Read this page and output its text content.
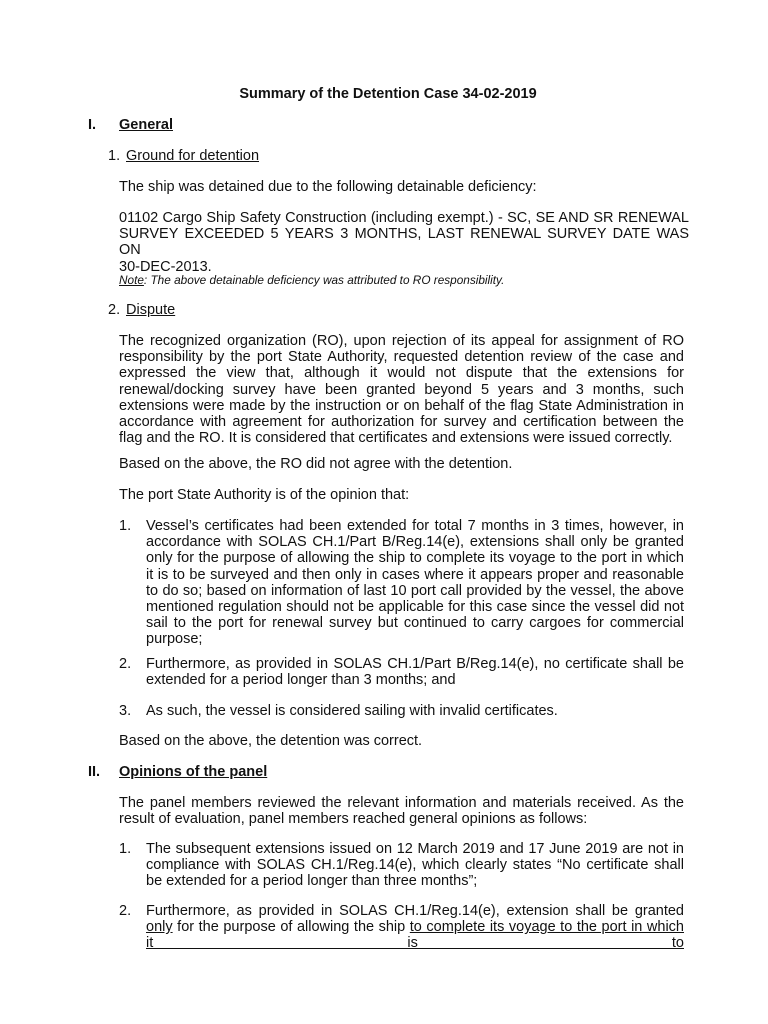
Summary of the Detention Case 34-02-2019
I. General
1. Ground for detention
The ship was detained due to the following detainable deficiency:
01102 Cargo Ship Safety Construction (including exempt.) - SC, SE AND SR RENEWAL
SURVEY EXCEEDED 5 YEARS 3 MONTHS, LAST RENEWAL SURVEY DATE WAS ON
30-DEC-2013.
Note: The above detainable deficiency was attributed to RO responsibility.
2. Dispute
The recognized organization (RO), upon rejection of its appeal for assignment of RO responsibility by the port State Authority, requested detention review of the case and expressed the view that, although it would not dispute that the extensions for renewal/docking survey have been granted beyond 5 years and 3 months, such extensions were made by the instruction or on behalf of the flag State Administration in accordance with agreement for authorization for survey and certification between the flag and the RO. It is considered that certificates and extensions were issued correctly.
Based on the above, the RO did not agree with the detention.
The port State Authority is of the opinion that:
1. Vessel’s certificates had been extended for total 7 months in 3 times, however, in accordance with SOLAS CH.1/Part B/Reg.14(e), extensions shall only be granted only for the purpose of allowing the ship to complete its voyage to the port in which it is to be surveyed and then only in cases where it appears proper and reasonable to do so; based on information of last 10 port call provided by the vessel, the above mentioned regulation should not be applicable for this case since the vessel did not sail to the port for renewal survey but continued to carry cargoes for commercial purpose;
2. Furthermore, as provided in SOLAS CH.1/Part B/Reg.14(e), no certificate shall be extended for a period longer than 3 months; and
3. As such, the vessel is considered sailing with invalid certificates.
Based on the above, the detention was correct.
II. Opinions of the panel
The panel members reviewed the relevant information and materials received. As the result of evaluation, panel members reached general opinions as follows:
1. The subsequent extensions issued on 12 March 2019 and 17 June 2019 are not in compliance with SOLAS CH.1/Reg.14(e), which clearly states “No certificate shall be extended for a period longer than three months”;
2. Furthermore, as provided in SOLAS CH.1/Reg.14(e), extension shall be granted only for the purpose of allowing the ship to complete its voyage to the port in which it is to
